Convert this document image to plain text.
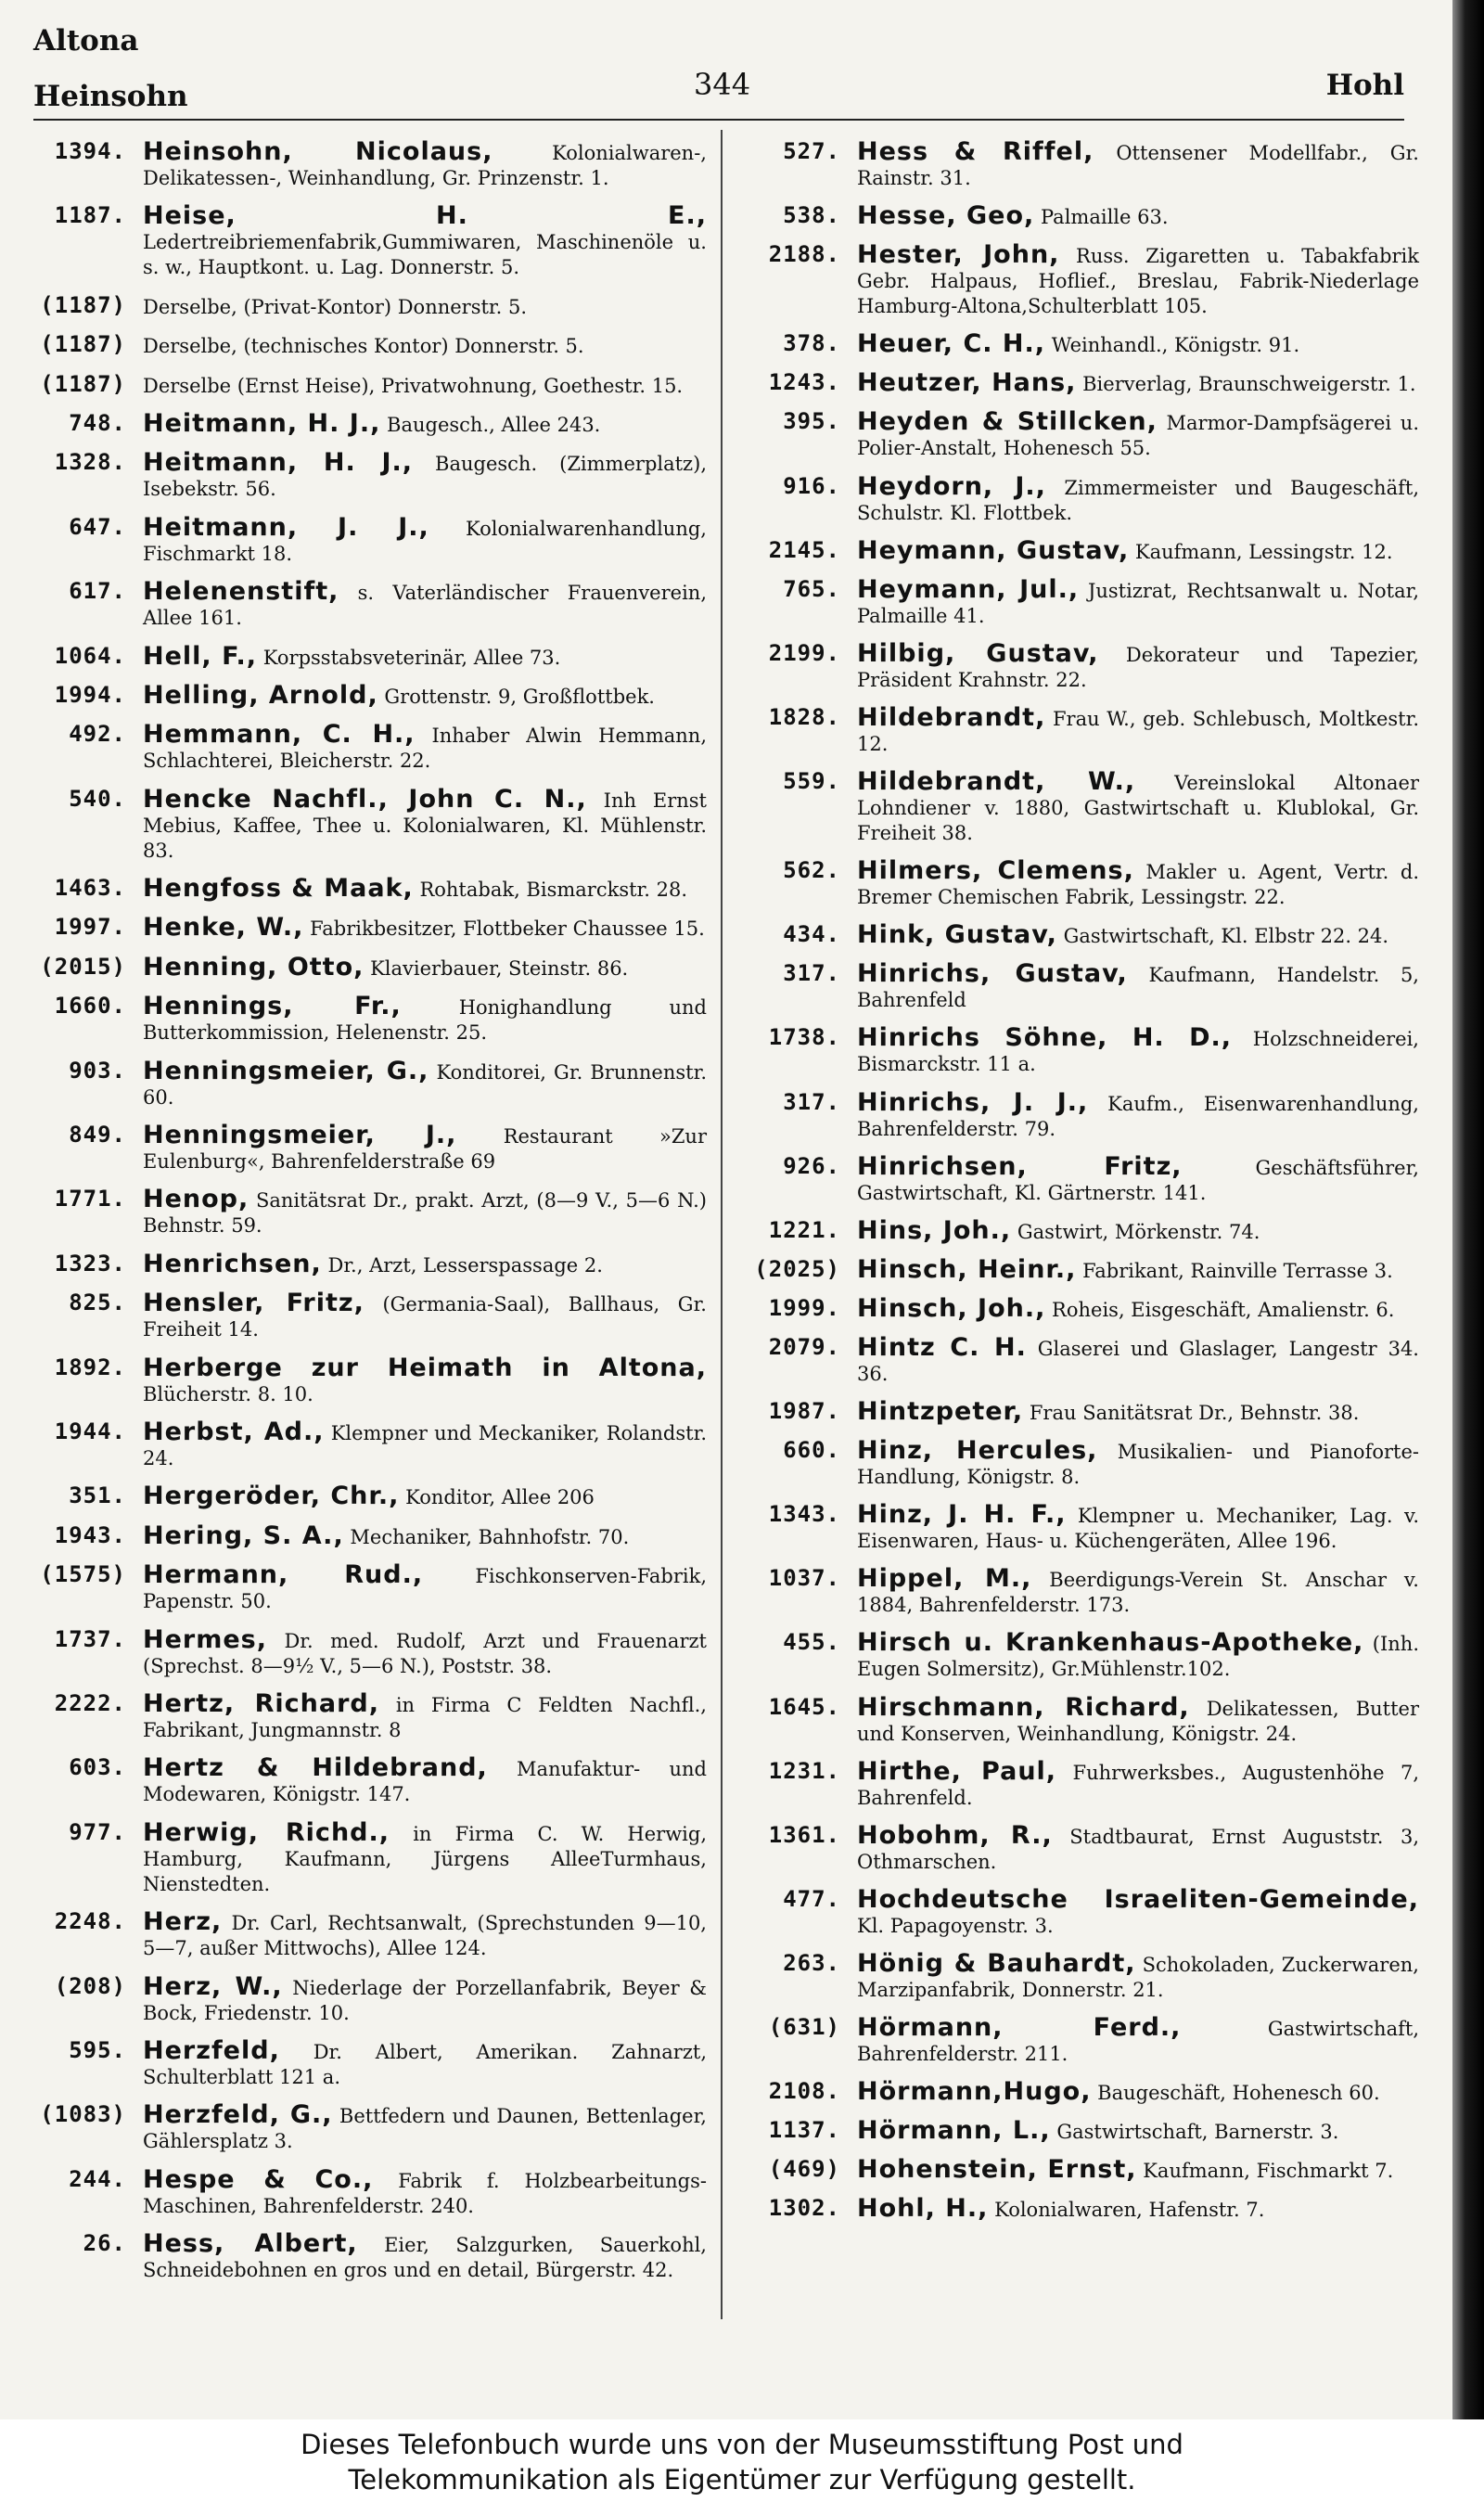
Altona
Heinsohn	344	Hohl
1394. Heinsohn, Nicolaus,	Kolonialwaren-, Delikatessen-, Weinhandlung, Gr. Prinzenstr. 1.
1187. Heise, H. E., Ledertreibriemenfabrik,Gummiwaren, Maschinenöle u. s. w., Hauptkont. u. Lag. Donnerstr. 5.
(1187) Derselbe, (Privat-Kontor) Donnerstr. 5.
(1187) Derselbe, (technisches Kontor) Donnerstr. 5.
(1187) Derselbe (Ernst Heise), Privatwohnung, Goethestr. 15.
748. Heitmann, H. J., Baugesch., Allee 243.
1328. Heitmann, H. J., Baugesch. (Zimmerplatz), Isebekstr. 56.
647. Heitmann, J. J., Kolonialwarenhandlung, Fischmarkt 18.
617. Helenenstift, s. Vaterländischer Frauenverein, Allee 161.
1064. Hell, F., Korpsstabsveterinär, Allee 73.
1994. Helling, Arnold, Grottenstr. 9, Großflottbek.
492. Hemmann, C. H., Inhaber Alwin Hemmann, Schlachterei, Bleicherstr. 22.
540. Hencke Nachfl., John C. N., Inh Ernst Mebius, Kaffee, Thee u. Kolonialwaren, Kl. Mühlenstr. 83.
1463. Hengfoss & Maak, Rohtabak, Bismarckstr. 28.
1997. Henke, W., Fabrikbesitzer, Flottbeker Chaussee 15.
(2015) Henning, Otto, Klavierbauer, Steinstr. 86.
1660. Hennings, Fr.,	Honighandlung und Butterkommission, Helenenstr. 25.
903. Henningsmeier, G., Konditorei, Gr. Brunnenstr. 60.
849. Henningsmeier, J., Restaurant »Zur Eulenburg«, Bahrenfelderstraße 69
1771. Henop, Sanitätsrat Dr., prakt. Arzt, (8—9 V., 5—6 N.) Behnstr. 59.
1323. Henrichsen, Dr., Arzt, Lesserspassage 2.
825. Hensler, Fritz, (Germania-Saal), Ballhaus, Gr. Freiheit 14.
1892. Herberge zur Heimath in Altona, Blücherstr. 8. 10.
1944. Herbst, Ad., Klempner und Meckaniker, Rolandstr. 24.
351. Hergeröder, Chr., Konditor, Allee 206
1943. Hering, S. A., Mechaniker, Bahnhofstr. 70.
(1575) Hermann, Rud.,	Fischkonserven-Fabrik, Papenstr. 50.
1737. Hermes, Dr. med. Rudolf, Arzt und Frauenarzt (Sprechst. 8—9½ V., 5—6 N.), Poststr. 38.
2222. Hertz, Richard, in Firma C Feldten Nachfl., Fabrikant, Jungmannstr. 8
603. Hertz & Hildebrand, Manufaktur- und Modewaren, Königstr. 147.
977. Herwig, Richd., in Firma C. W. Herwig, Hamburg, Kaufmann, Jürgens AlleeTurmhaus, Nienstedten.
2248. Herz, Dr. Carl, Rechtsanwalt, (Sprechstunden 9—10, 5—7, außer Mittwochs), Allee 124.
(208) Herz, W., Niederlage der Porzellanfabrik, Beyer & Bock, Friedenstr. 10.
595. Herzfeld, Dr. Albert, Amerikan. Zahnarzt, Schulterblatt 121 a.
(1083) Herzfeld, G., Bettfedern und Daunen, Bettenlager, Gählersplatz 3.
244. Hespe & Co., Fabrik f. Holzbearbeitungs-Maschinen, Bahrenfelderstr. 240.
26. Hess, Albert, Eier, Salzgurken, Sauerkohl, Schneidebohnen en gros und en detail, Bürgerstr. 42.
527. Hess & Riffel, Ottensener Modellfabr., Gr. Rainstr. 31.
538. Hesse, Geo, Palmaille 63.
2188. Hester, John, Russ. Zigaretten u. Tabakfabrik Gebr. Halpaus, Hoflief., Breslau, Fabrik-Niederlage Hamburg-Altona,Schulterblatt 105.
378. Heuer, C. H., Weinhandl., Königstr. 91.
1243. Heutzer, Hans, Bierverlag, Braunschweigerstr. 1.
395. Heyden & Stillcken, Marmor-Dampfsägerei u. Polier-Anstalt, Hohenesch 55.
916. Heydorn, J., Zimmermeister und Baugeschäft, Schulstr. Kl. Flottbek.
2145. Heymann, Gustav, Kaufmann, Lessingstr. 12.
765. Heymann, Jul., Justizrat, Rechtsanwalt u. Notar, Palmaille 41.
2199. Hilbig, Gustav, Dekorateur und Tapezier, Präsident Krahnstr. 22.
1828. Hildebrandt, Frau W., geb. Schlebusch, Moltkestr. 12.
559. Hildebrandt, W., Vereinslokal Altonaer Lohndiener v. 1880, Gastwirtschaft u. Klublokal, Gr. Freiheit 38.
562. Hilmers, Clemens, Makler u. Agent, Vertr. d. Bremer Chemischen Fabrik, Lessingstr. 22.
434. Hink, Gustav, Gastwirtschaft, Kl. Elbstr 22. 24.
317. Hinrichs, Gustav, Kaufmann, Handelstr. 5, Bahrenfeld
1738. Hinrichs Söhne, H. D., Holzschneiderei, Bismarckstr. 11 a.
317. Hinrichs, J. J., Kaufm., Eisenwarenhandlung, Bahrenfelderstr. 79.
926. Hinrichsen, Fritz,	Geschäftsführer, Gastwirtschaft, Kl. Gärtnerstr. 141.
1221. Hins, Joh., Gastwirt, Mörkenstr. 74.
(2025) Hinsch, Heinr., Fabrikant, Rainville Terrasse 3.
1999. Hinsch, Joh., Roheis, Eisgeschäft, Amalienstr. 6.
2079. Hintz C. H. Glaserei und Glaslager, Langestr 34. 36.
1987. Hintzpeter, Frau Sanitätsrat Dr., Behnstr. 38.
660. Hinz, Hercules, Musikalien- und Pianoforte-Handlung, Königstr. 8.
1343. Hinz, J. H. F., Klempner u. Mechaniker, Lag. v. Eisenwaren, Haus- u. Küchengeräten, Allee 196.
1037. Hippel, M., Beerdigungs-Verein St. Anschar v. 1884, Bahrenfelderstr. 173.
455. Hirsch u. Krankenhaus-Apotheke, (Inh. Eugen Solmersitz), Gr.Mühlenstr.102.
1645. Hirschmann, Richard, Delikatessen, Butter und Konserven, Weinhandlung, Königstr. 24.
1231. Hirthe, Paul, Fuhrwerksbes., Augustenhöhe 7, Bahrenfeld.
1361. Hobohm, R., Stadtbaurat, Ernst Auguststr. 3, Othmarschen.
477. Hochdeutsche Israeliten-Gemeinde, Kl. Papagoyenstr. 3.
263. Hönig & Bauhardt, Schokoladen, Zuckerwaren, Marzipanfabrik, Donnerstr. 21.
(631) Hörmann, Ferd.,	Gastwirtschaft, Bahrenfelderstr. 211.
2108. Hörmann,Hugo, Baugeschäft, Hohenesch 60.
1137. Hörmann, L., Gastwirtschaft, Barnerstr. 3.
(469) Hohenstein, Ernst, Kaufmann, Fischmarkt 7.
1302. Hohl, H., Kolonialwaren, Hafenstr. 7.
Dieses Telefonbuch wurde uns von der Museumsstiftung Post und
Telekommunikation als Eigentümer zur Verfügung gestellt.
